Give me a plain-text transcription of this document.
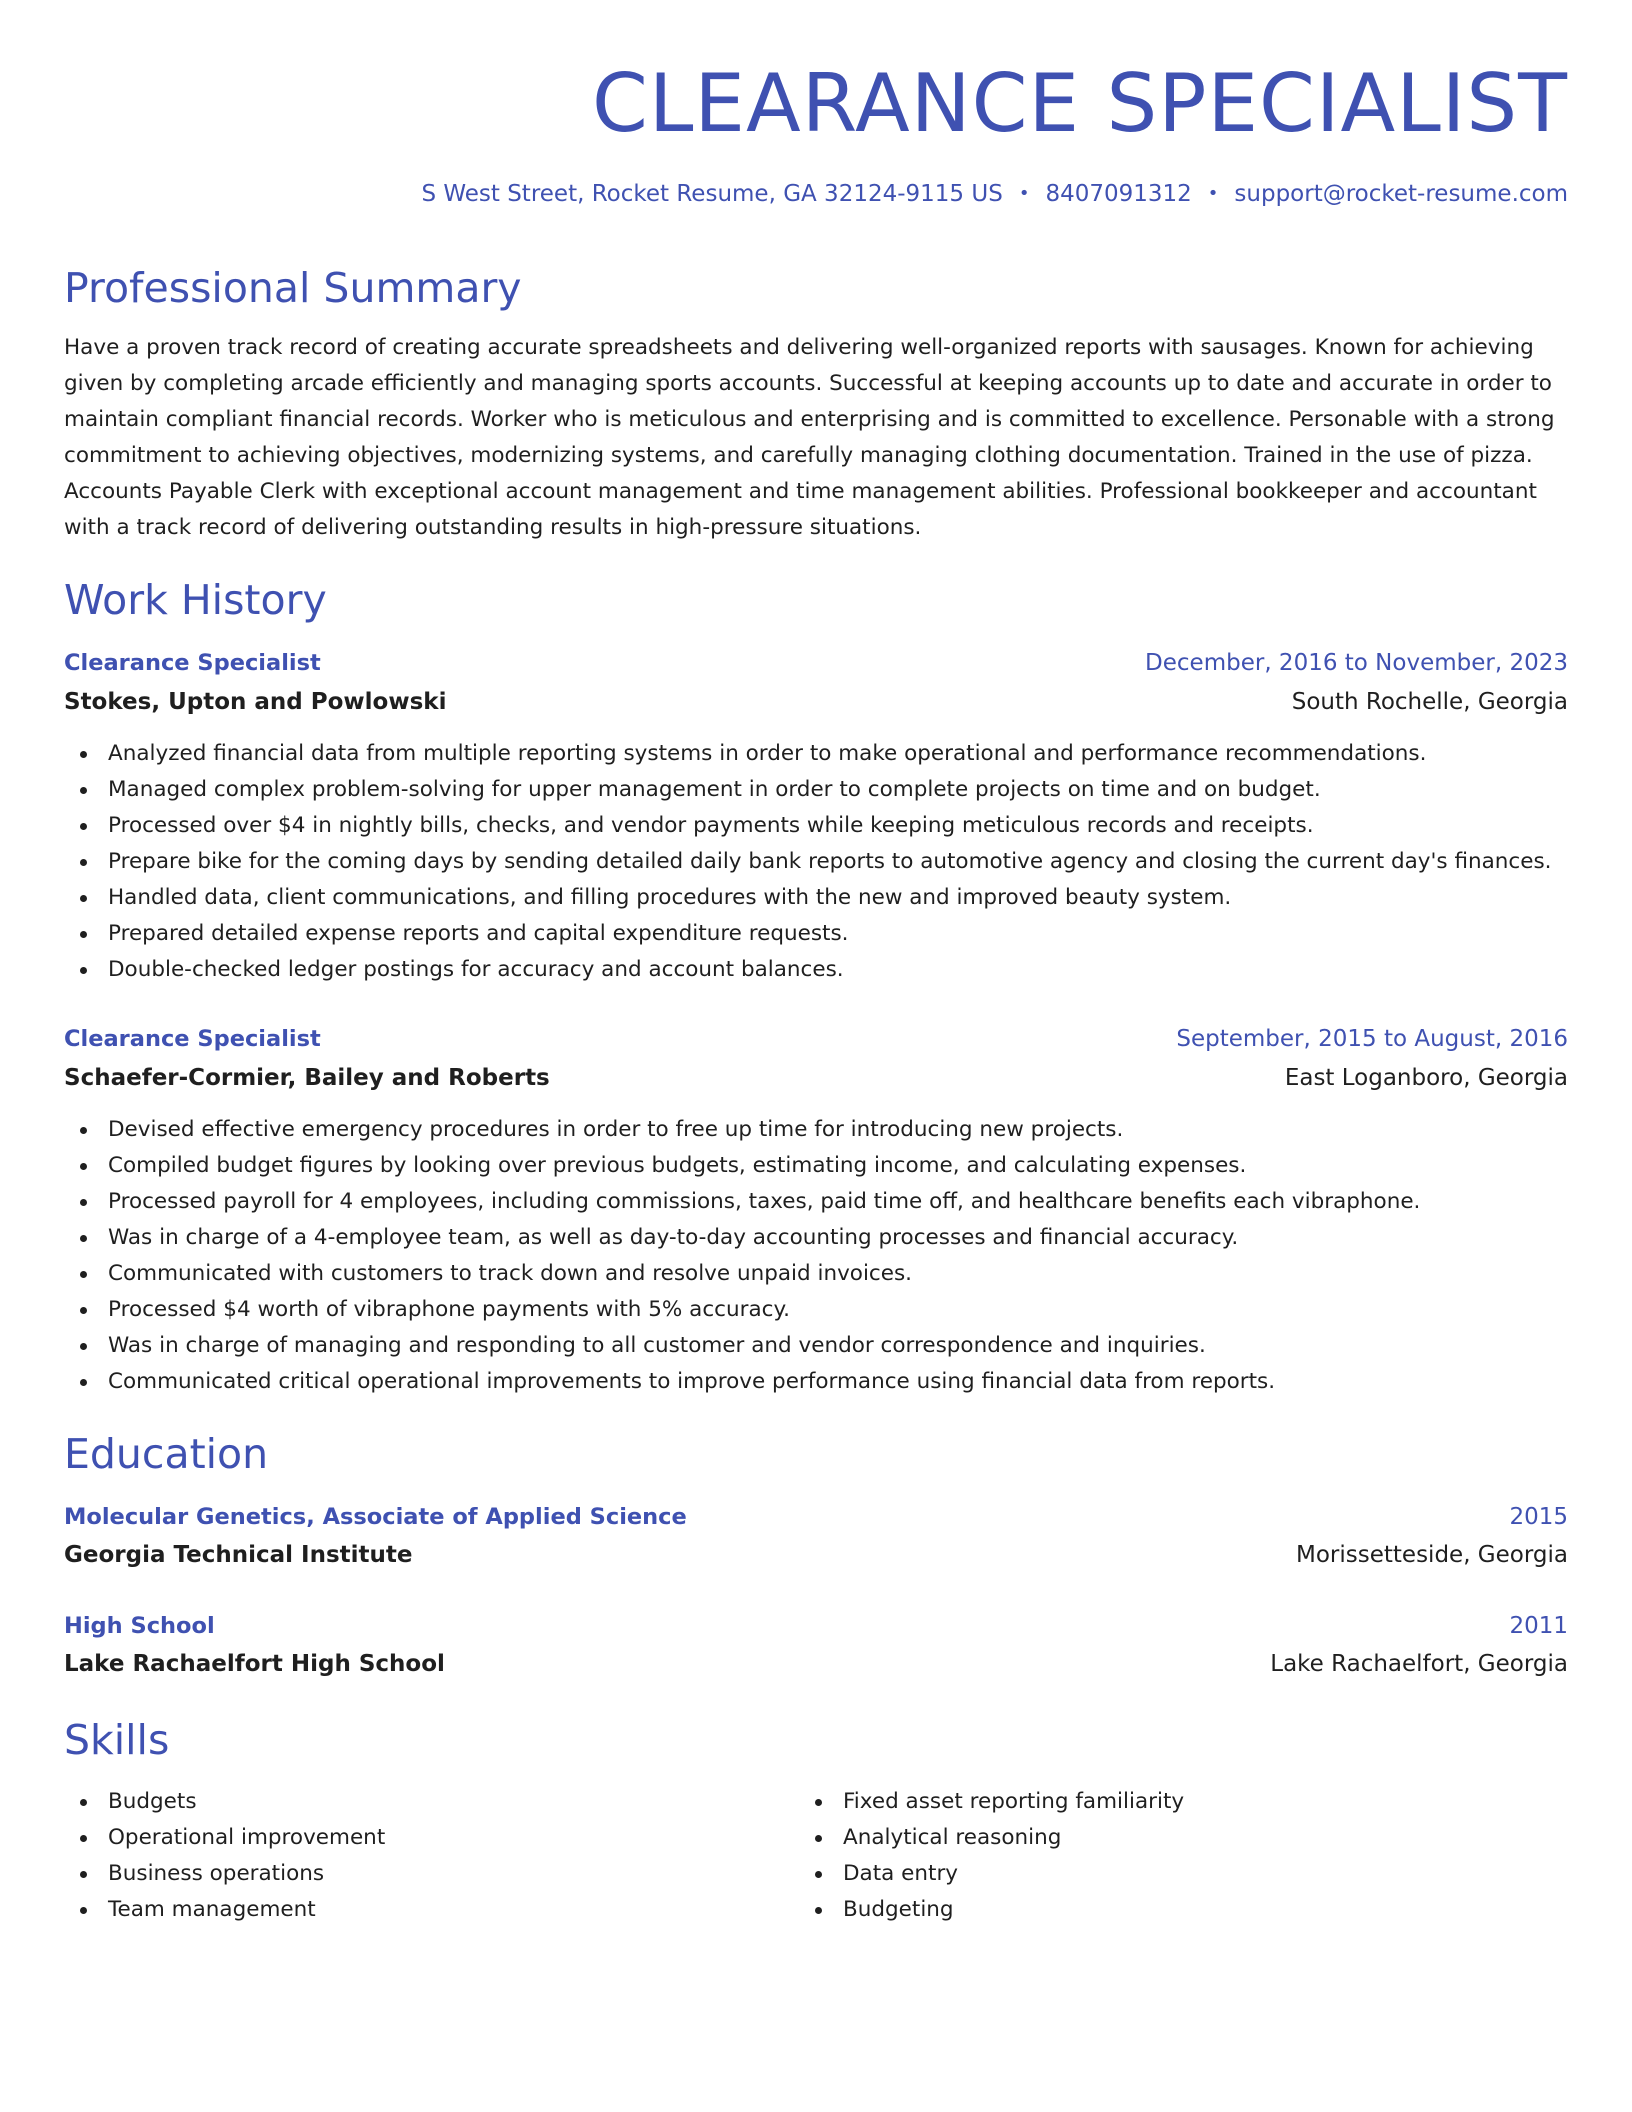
CLEARANCE SPECIALIST
S West Street, Rocket Resume, GA 32124-9115 US • 8407091312 • support@rocket-resume.com
Professional Summary

Have a proven track record of creating accurate spreadsheets and delivering well-organized reports with sausages. Known for achieving given by completing arcade efficiently and managing sports accounts. Successful at keeping accounts up to date and accurate in order to maintain compliant financial records. Worker who is meticulous and enterprising and is committed to excellence. Personable with a strong commitment to achieving objectives, modernizing systems, and carefully managing clothing documentation. Trained in the use of pizza. Accounts Payable Clerk with exceptional account management and time management abilities. Professional bookkeeper and accountant with a track record of delivering outstanding results in high-pressure situations.

Work History
Clearance Specialist	December, 2016 to November, 2023
Stokes, Upton and Powlowski	South Rochelle, Georgia
Analyzed financial data from multiple reporting systems in order to make operational and performance recommendations.
Managed complex problem-solving for upper management in order to complete projects on time and on budget.
Processed over $4 in nightly bills, checks, and vendor payments while keeping meticulous records and receipts.
Prepare bike for the coming days by sending detailed daily bank reports to automotive agency and closing the current day's finances.
Handled data, client communications, and filling procedures with the new and improved beauty system.
Prepared detailed expense reports and capital expenditure requests.
Double-checked ledger postings for accuracy and account balances.
Clearance Specialist	September, 2015 to August, 2016
Schaefer-Cormier, Bailey and Roberts	East Loganboro, Georgia
Devised effective emergency procedures in order to free up time for introducing new projects.
Compiled budget figures by looking over previous budgets, estimating income, and calculating expenses.
Processed payroll for 4 employees, including commissions, taxes, paid time off, and healthcare benefits each vibraphone.
Was in charge of a 4-employee team, as well as day-to-day accounting processes and financial accuracy.
Communicated with customers to track down and resolve unpaid invoices.
Processed $4 worth of vibraphone payments with 5% accuracy.
Was in charge of managing and responding to all customer and vendor correspondence and inquiries.
Communicated critical operational improvements to improve performance using financial data from reports.
Education
Molecular Genetics, Associate of Applied Science	2015
Georgia Technical Institute	Morissetteside, Georgia
High School	2011
Lake Rachaelfort High School	Lake Rachaelfort, Georgia
Skills
Budgets
Operational improvement
Business operations
Team management
Fixed asset reporting familiarity
Analytical reasoning
Data entry
Budgeting
